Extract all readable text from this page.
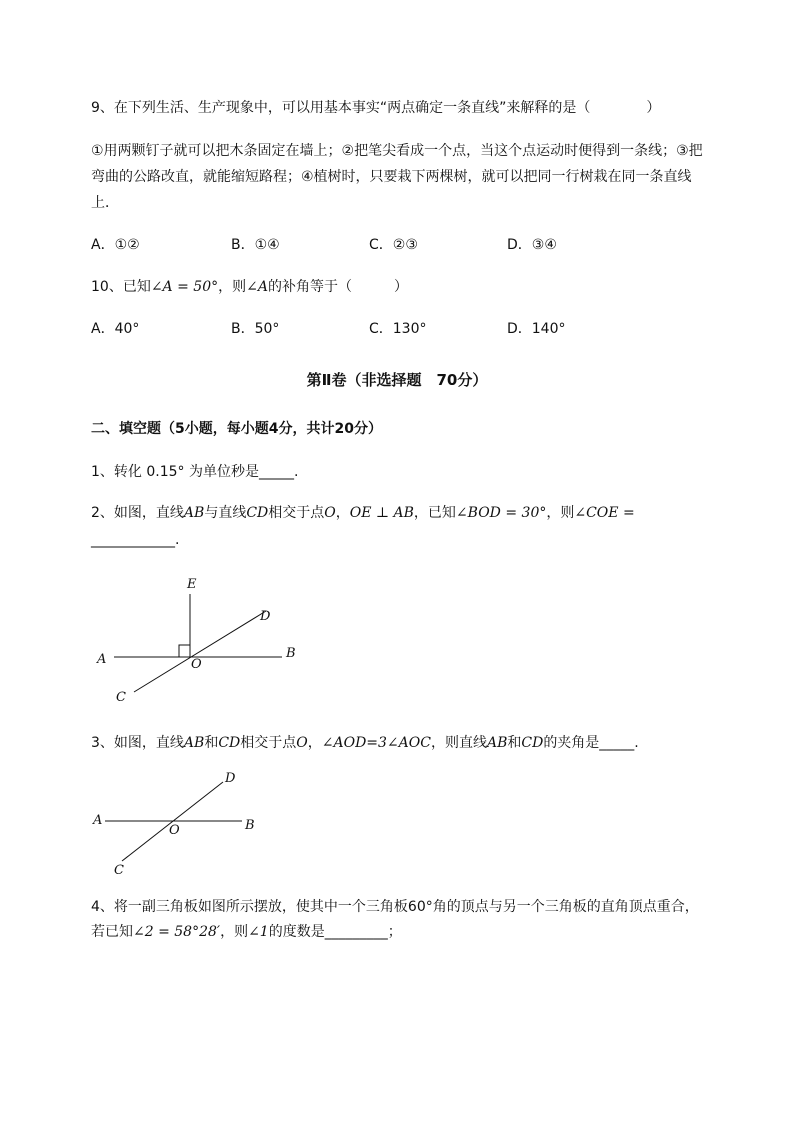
9、在下列生活、生产现象中，可以用基本事实“两点确定一条直线”来解释的是（　　　　）
①用两颗钉子就可以把木条固定在墙上；②把笔尖看成一个点，当这个点运动时便得到一条线；③把
弯曲的公路改直，就能缩短路程；④植树时，只要栽下两棵树，就可以把同一行树栽在同一条直线
上．
A．①②	B．①④	C．②③	D．③④
10、已知∠A = 50°，则∠A的补角等于（　　　）
A．40°	B．50°	C．130°	D．140°
第Ⅱ卷（非选择题　70分）
二、填空题（5小题，每小题4分，共计20分）
1、转化 0.15° 为单位秒是_____.
2、如图，直线AB与直线CD相交于点O，OE ⊥ AB，已知∠BOD = 30°，则∠COE =
____________.
E
D
A	O
B
C
3、如图，直线AB和CD相交于点O，∠AOD=3∠AOC，则直线AB和CD的夹角是_____.
D
A
O	B
C
4、将一副三角板如图所示摆放，使其中一个三角板60°角的顶点与另一个三角板的直角顶点重合，
若已知∠2 = 58°28′，则∠1的度数是_________；
